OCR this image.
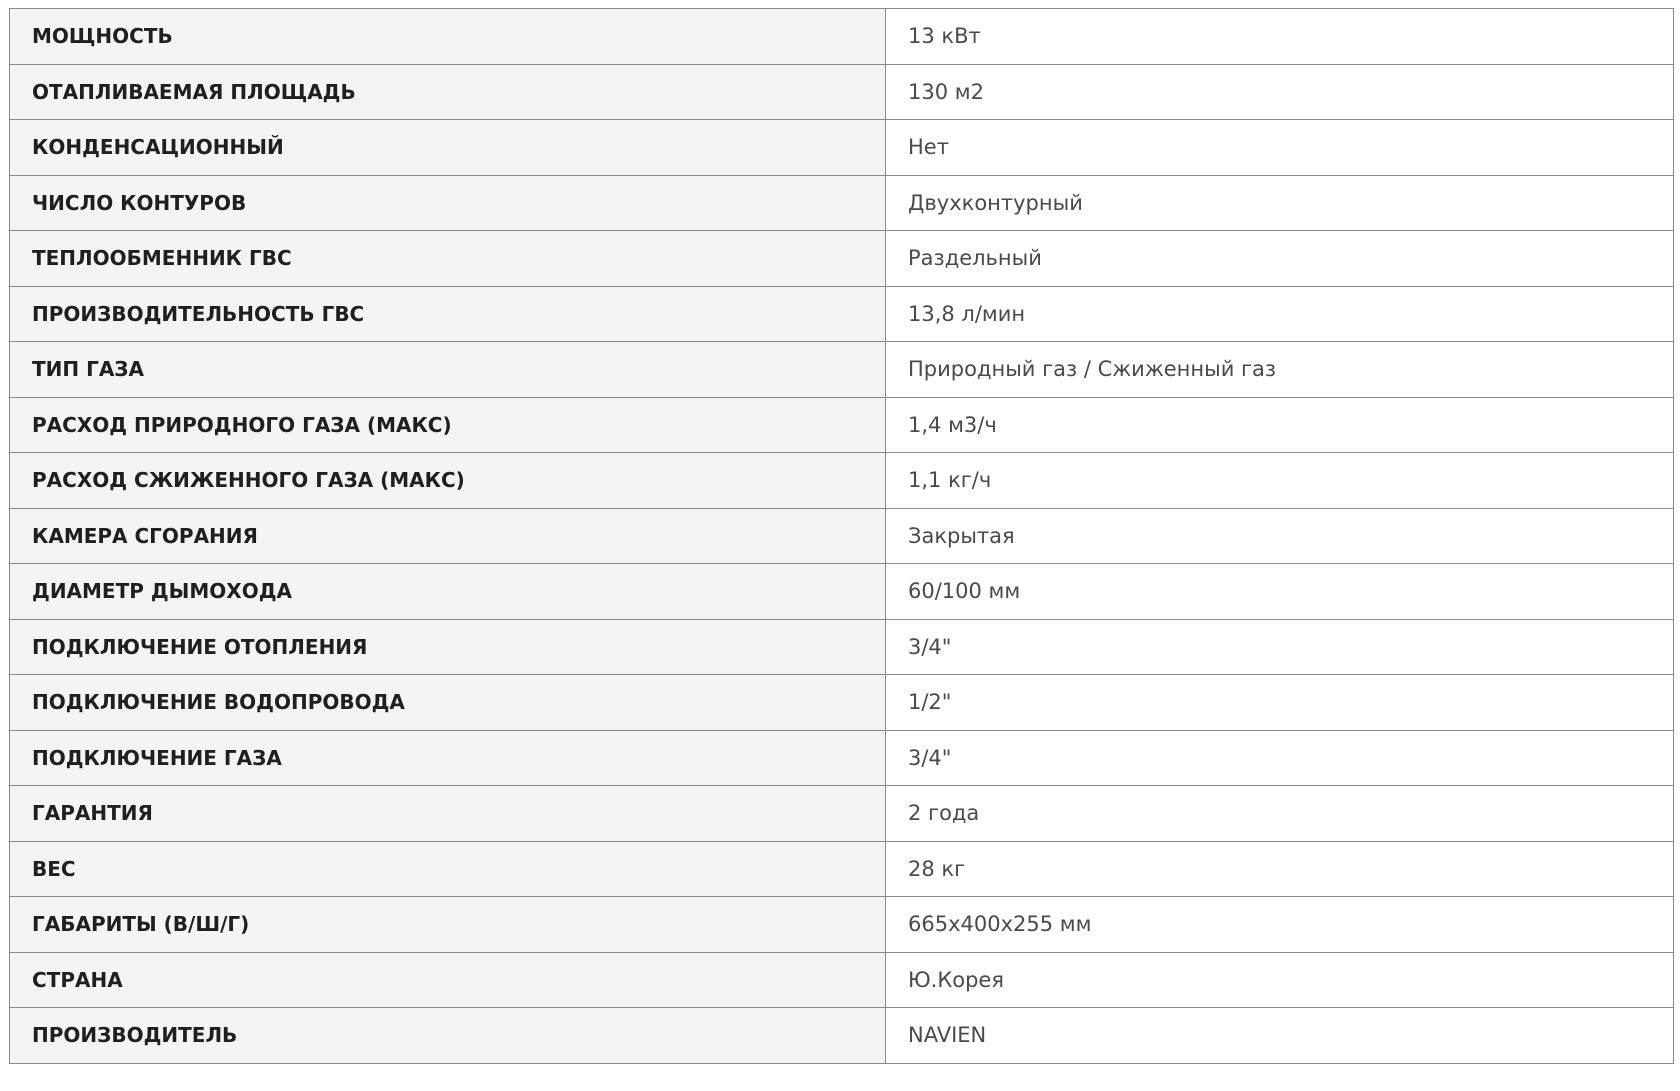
МОЩНОСТЬ	13 кВт
ОТАПЛИВАЕМАЯ ПЛОЩАДЬ	130 м2
КОНДЕНСАЦИОННЫЙ	Нет
ЧИСЛО КОНТУРОВ	Двухконтурный
ТЕПЛООБМЕННИК ГВС	Раздельный
ПРОИЗВОДИТЕЛЬНОСТЬ ГВС	13,8 л/мин
ТИП ГАЗА	Природный газ / Сжиженный газ
РАСХОД ПРИРОДНОГО ГАЗА (МАКС)	1,4 м3/ч
РАСХОД СЖИЖЕННОГО ГАЗА (МАКС)	1,1 кг/ч
КАМЕРА СГОРАНИЯ	Закрытая
ДИАМЕТР ДЫМОХОДА	60/100 мм
ПОДКЛЮЧЕНИЕ ОТОПЛЕНИЯ	3/4"
ПОДКЛЮЧЕНИЕ ВОДОПРОВОДА	1/2"
ПОДКЛЮЧЕНИЕ ГАЗА	3/4"
ГАРАНТИЯ	2 года
ВЕС	28 кг
ГАБАРИТЫ (В/Ш/Г)	665x400x255 мм
СТРАНА	Ю.Корея
ПРОИЗВОДИТЕЛЬ	NAVIEN
